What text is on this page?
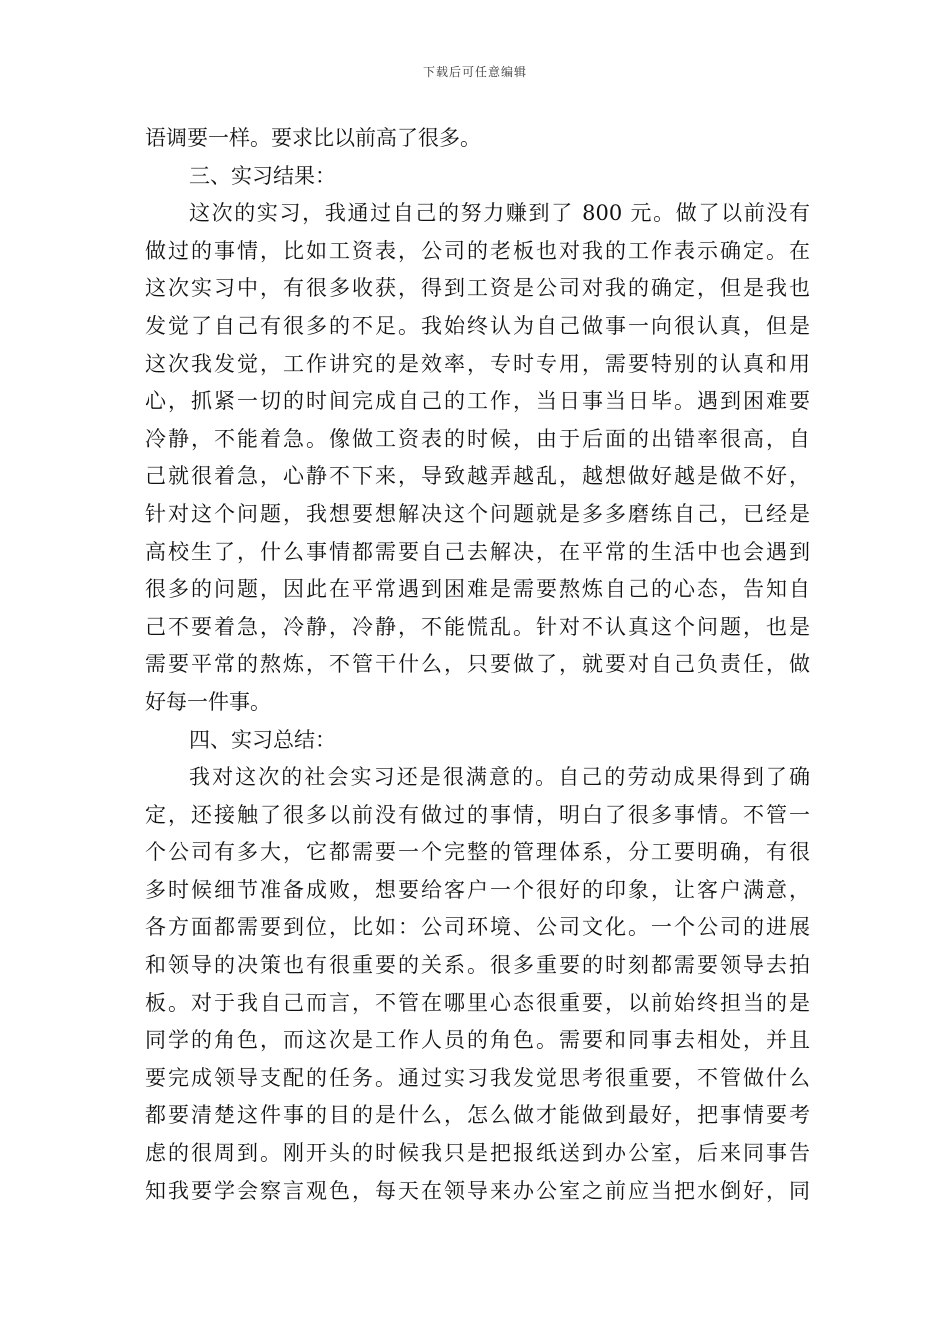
下载后可任意编辑
语调要一样。要求比以前高了很多。
三、实习结果：
这次的实习，我通过自己的努力赚到了 800 元。做了以前没有
做过的事情，比如工资表，公司的老板也对我的工作表示确定。在
这次实习中，有很多收获，得到工资是公司对我的确定，但是我也
发觉了自己有很多的不足。我始终认为自己做事一向很认真，但是
这次我发觉，工作讲究的是效率，专时专用，需要特别的认真和用
心，抓紧一切的时间完成自己的工作，当日事当日毕。遇到困难要
冷静，不能着急。像做工资表的时候，由于后面的出错率很高，自
己就很着急，心静不下来，导致越弄越乱，越想做好越是做不好，
针对这个问题，我想要想解决这个问题就是多多磨练自己，已经是
高校生了，什么事情都需要自己去解决，在平常的生活中也会遇到
很多的问题，因此在平常遇到困难是需要熬炼自己的心态，告知自
己不要着急，冷静，冷静，不能慌乱。针对不认真这个问题，也是
需要平常的熬炼，不管干什么，只要做了，就要对自己负责任，做
好每一件事。
四、实习总结：
我对这次的社会实习还是很满意的。自己的劳动成果得到了确
定，还接触了很多以前没有做过的事情，明白了很多事情。不管一
个公司有多大，它都需要一个完整的管理体系，分工要明确，有很
多时候细节准备成败，想要给客户一个很好的印象，让客户满意，
各方面都需要到位，比如：公司环境、公司文化。一个公司的进展
和领导的决策也有很重要的关系。很多重要的时刻都需要领导去拍
板。对于我自己而言，不管在哪里心态很重要，以前始终担当的是
同学的角色，而这次是工作人员的角色。需要和同事去相处，并且
要完成领导支配的任务。通过实习我发觉思考很重要，不管做什么
都要清楚这件事的目的是什么，怎么做才能做到最好，把事情要考
虑的很周到。刚开头的时候我只是把报纸送到办公室，后来同事告
知我要学会察言观色，每天在领导来办公室之前应当把水倒好，同
